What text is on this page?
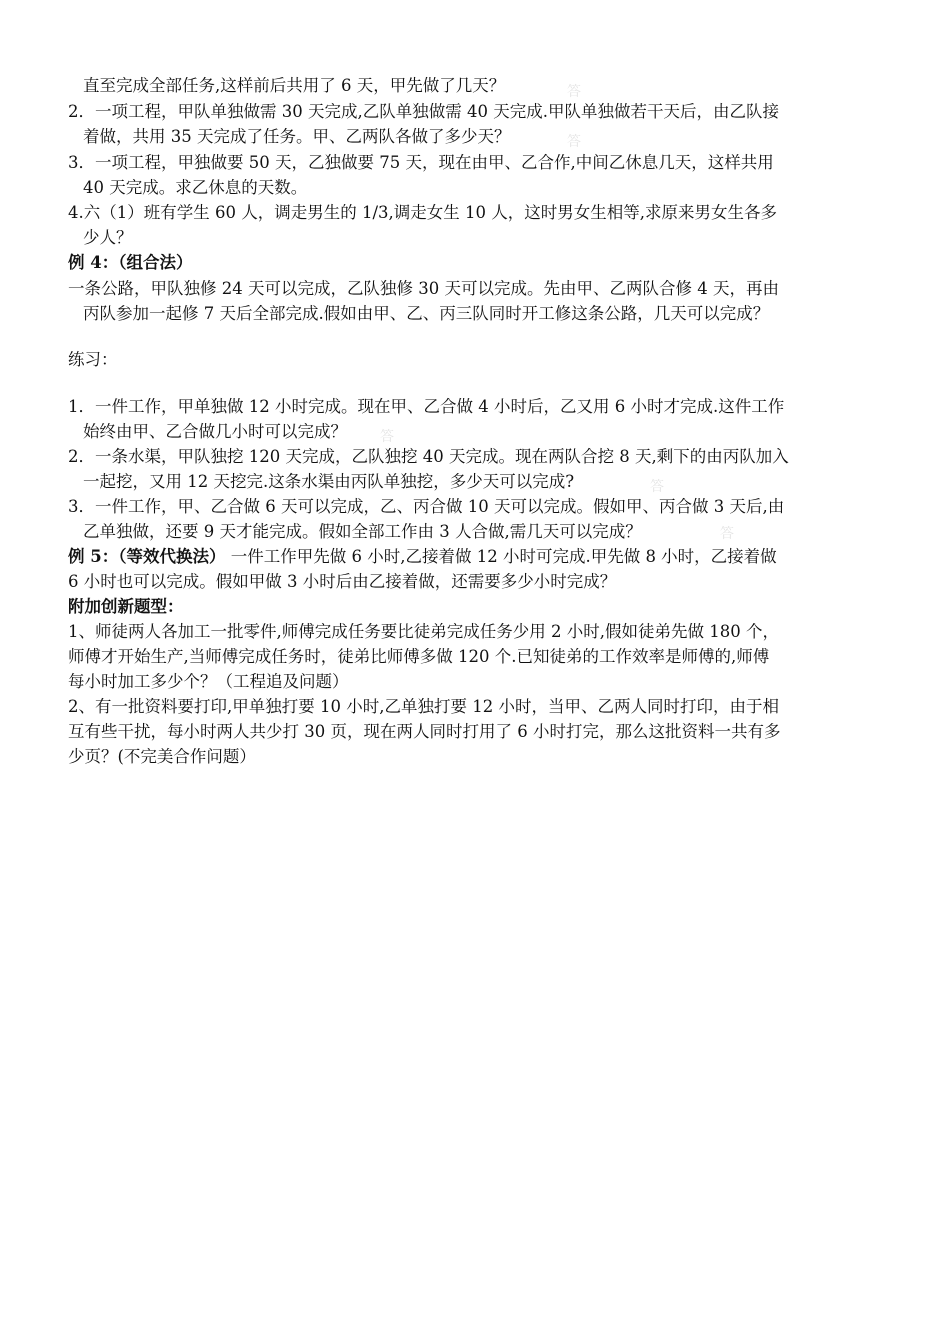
直至完成全部任务,这样前后共用了 6 天，甲先做了几天？
2．一项工程，甲队单独做需 30 天完成,乙队单独做需 40 天完成.甲队单独做若干天后，由乙队接
着做，共用 35 天完成了任务。甲、乙两队各做了多少天？
3．一项工程，甲独做要 50 天，乙独做要 75 天，现在由甲、乙合作,中间乙休息几天，这样共用
40 天完成。求乙休息的天数。
4.六（1）班有学生 60 人，调走男生的 1/3,调走女生 10 人，这时男女生相等,求原来男女生各多
少人？
例 4：（组合法）
一条公路，甲队独修 24 天可以完成，乙队独修 30 天可以完成。先由甲、乙两队合修 4 天，再由
丙队参加一起修 7 天后全部完成.假如由甲、乙、丙三队同时开工修这条公路，几天可以完成？
练习：
1．一件工作，甲单独做 12 小时完成。现在甲、乙合做 4 小时后，乙又用 6 小时才完成.这件工作
始终由甲、乙合做几小时可以完成？
2．一条水渠，甲队独挖 120 天完成，乙队独挖 40 天完成。现在两队合挖 8 天,剩下的由丙队加入
一起挖，又用 12 天挖完.这条水渠由丙队单独挖，多少天可以完成?
3．一件工作，甲、乙合做 6 天可以完成，乙、丙合做 10 天可以完成。假如甲、丙合做 3 天后,由
乙单独做，还要 9 天才能完成。假如全部工作由 3 人合做,需几天可以完成？
例 5：（等效代换法） 一件工作甲先做 6 小时,乙接着做 12 小时可完成.甲先做 8 小时，乙接着做
6 小时也可以完成。假如甲做 3 小时后由乙接着做，还需要多少小时完成？
附加创新题型：
1、师徒两人各加工一批零件,师傅完成任务要比徒弟完成任务少用 2 小时,假如徒弟先做 180 个，
师傅才开始生产,当师傅完成任务时，徒弟比师傅多做 120 个.已知徒弟的工作效率是师傅的,师傅
每小时加工多少个？（工程追及问题）
2、有一批资料要打印,甲单独打要 10 小时,乙单独打要 12 小时，当甲、乙两人同时打印，由于相
互有些干扰，每小时两人共少打 30 页，现在两人同时打用了 6 小时打完，那么这批资料一共有多
少页？(不完美合作问题）
答
答
答
答
答
